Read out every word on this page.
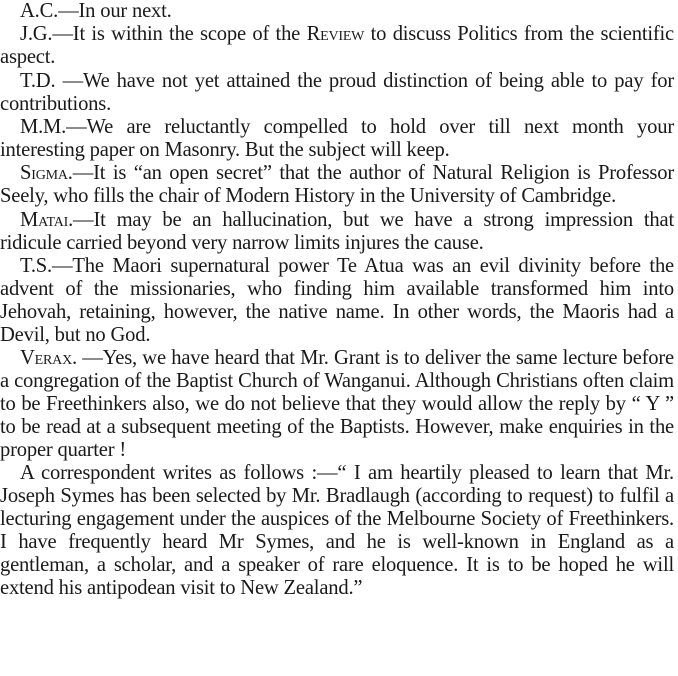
A.C.—In our next.

J.G.—It is within the scope of the Review to discuss Politics from the scientific aspect.

T.D. —We have not yet attained the proud distinction of being able to pay for contributions.

M.M.—We are reluctantly compelled to hold over till next month your interesting paper on Masonry. But the subject will keep.

Sigma.—It is “an open secret” that the author of Natural Religion is Professor Seely, who fills the chair of Modern History in the University of Cambridge.

Matai.—It may be an hallucination, but we have a strong impression that ridicule carried beyond very narrow limits injures the cause.

T.S.—The Maori supernatural power Te Atua was an evil divinity before the advent of the missionaries, who finding him available transformed him into Jehovah, retaining, however, the native name. In other words, the Maoris had a Devil, but no God.

Verax. —Yes, we have heard that Mr. Grant is to deliver the same lecture before a congregation of the Baptist Church of Wanganui. Although Christians often claim to be Freethinkers also, we do not believe that they would allow the reply by “ Y ” to be read at a subsequent meeting of the Baptists. However, make enquiries in the proper quarter !

A correspondent writes as follows :—“ I am heartily pleased to learn that Mr. Joseph Symes has been selected by Mr. Bradlaugh (according to request) to fulfil a lecturing engagement under the auspices of the Melbourne Society of Freethinkers. I have frequently heard Mr Symes, and he is well-known in England as a gentleman, a scholar, and a speaker of rare eloquence. It is to be hoped he will extend his antipodean visit to New Zealand.”
